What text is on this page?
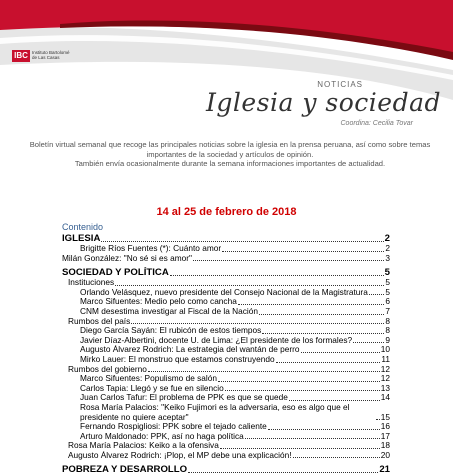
IBC Instituto Bartolomé de Las Casas
NOTICIAS
Iglesia y sociedad
Coordina: Cecilia Tovar
Boletín virtual semanal que recoge las principales noticias sobre la iglesia en la prensa peruana, así como sobre temas importantes de la sociedad y artículos de opinión.
También envía ocasionalmente durante la semana informaciones importantes de actualidad.
14 al 25 de febrero de 2018
Contenido
IGLESIA	2
Brigitte Ríos Fuentes (*): Cuánto amor	2
Milán González: "No sé si es amor"	3
SOCIEDAD Y POLÍTICA	5
Instituciones	5
Orlando Velásquez, nuevo presidente del Consejo Nacional de la Magistratura 5
Marco Sifuentes: Medio pelo como cancha	6
CNM desestima investigar al Fiscal de la Nación	7
Rumbos del país	8
Diego García Sayán: El rubicón de estos tiempos	8
Javier Díaz-Albertini, docente U. de Lima: ¿El presidente de los formales?	9
Augusto Álvarez Rodrich: La estrategia del wantán de perro	10
Mirko Lauer: El monstruo que estamos construyendo	11
Rumbos del gobierno	12
Marco Sifuentes: Populismo de salón	12
Carlos Tapia: Llegó y se fue en silencio	13
Juan Carlos Tafur: El problema de PPK es que se quede	14
Rosa María Palacios: "Keiko Fujimori es la adversaria, eso es algo que el presidente no quiere aceptar"	15
Fernando Rospigliosi: PPK sobre el tejado caliente	16
Arturo Maldonado: PPK, así no haga política	17
Rosa María Palacios: Keiko a la ofensiva	18
Augusto Álvarez Rodrich: ¡Plop, el MP debe una explicación!	20
POBREZA Y DESARROLLO	21
